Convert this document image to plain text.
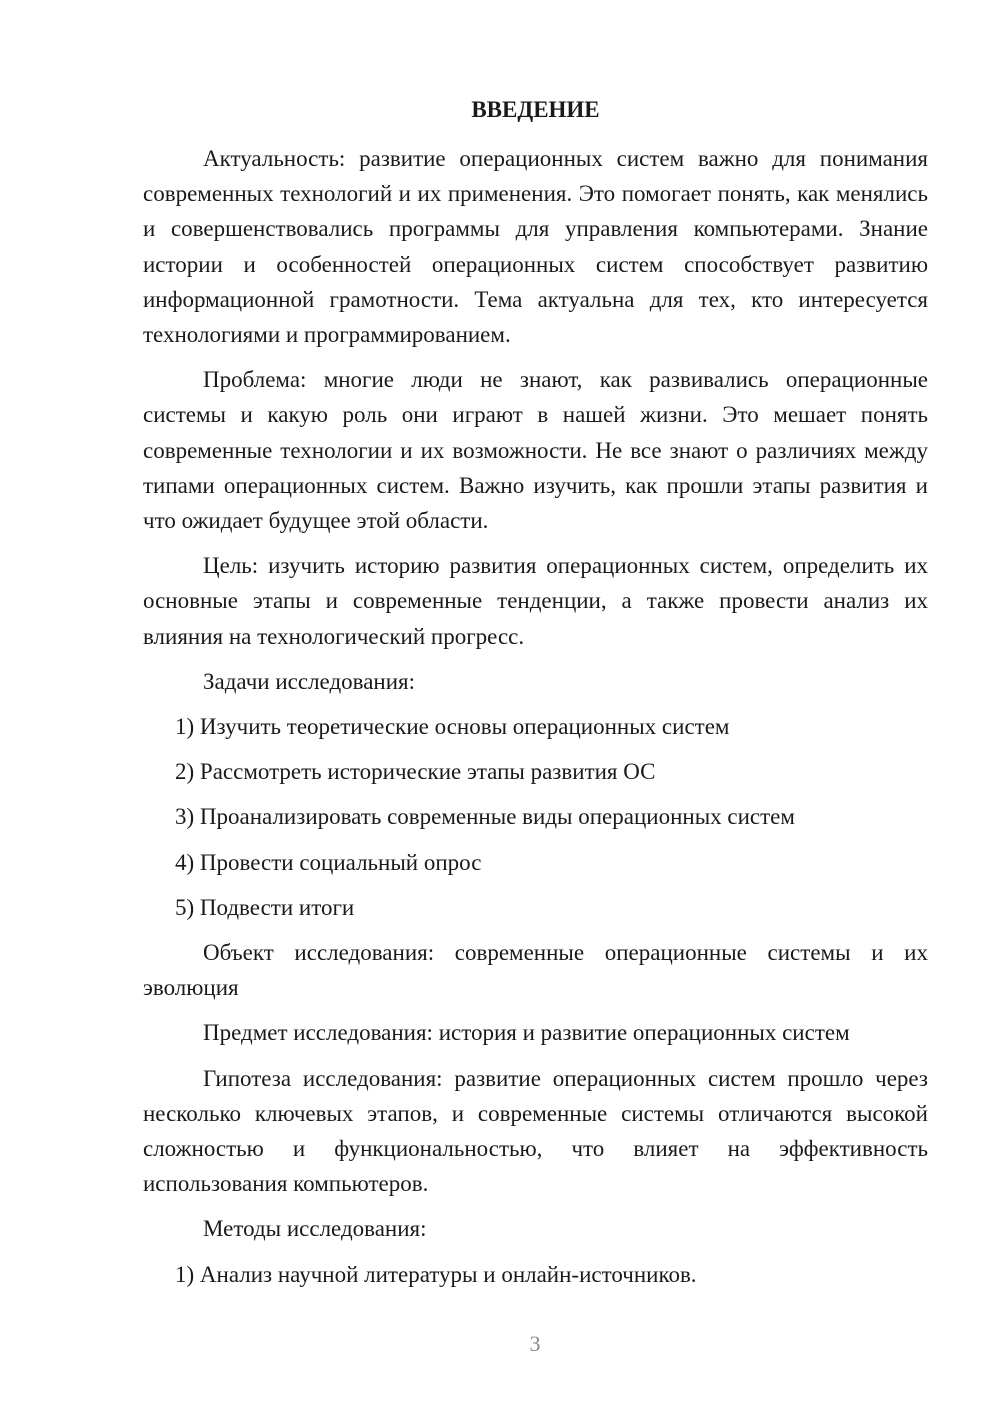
ВВЕДЕНИЕ

Актуальность: развитие операционных систем важно для понимания современных технологий и их применения. Это помогает понять, как менялись и совершенствовались программы для управления компьютерами. Знание истории и особенностей операционных систем способствует развитию информационной грамотности. Тема актуальна для тех, кто интересуется технологиями и программированием.

Проблема: многие люди не знают, как развивались операционные системы и какую роль они играют в нашей жизни. Это мешает понять современные технологии и их возможности. Не все знают о различиях между типами операционных систем. Важно изучить, как прошли этапы развития и что ожидает будущее этой области.

Цель: изучить историю развития операционных систем, определить их основные этапы и современные тенденции, а также провести анализ их влияния на технологический прогресс.

Задачи исследования:

1) Изучить теоретические основы операционных систем
2) Рассмотреть исторические этапы развития ОС
3) Проанализировать современные виды операционных систем
4) Провести социальный опрос
5) Подвести итоги

Объект исследования: современные операционные системы и их эволюция

Предмет исследования: история и развитие операционных систем

Гипотеза исследования: развитие операционных систем прошло через несколько ключевых этапов, и современные системы отличаются высокой сложностью и функциональностью, что влияет на эффективность использования компьютеров.

Методы исследования:

1) Анализ научной литературы и онлайн-источников.
3
